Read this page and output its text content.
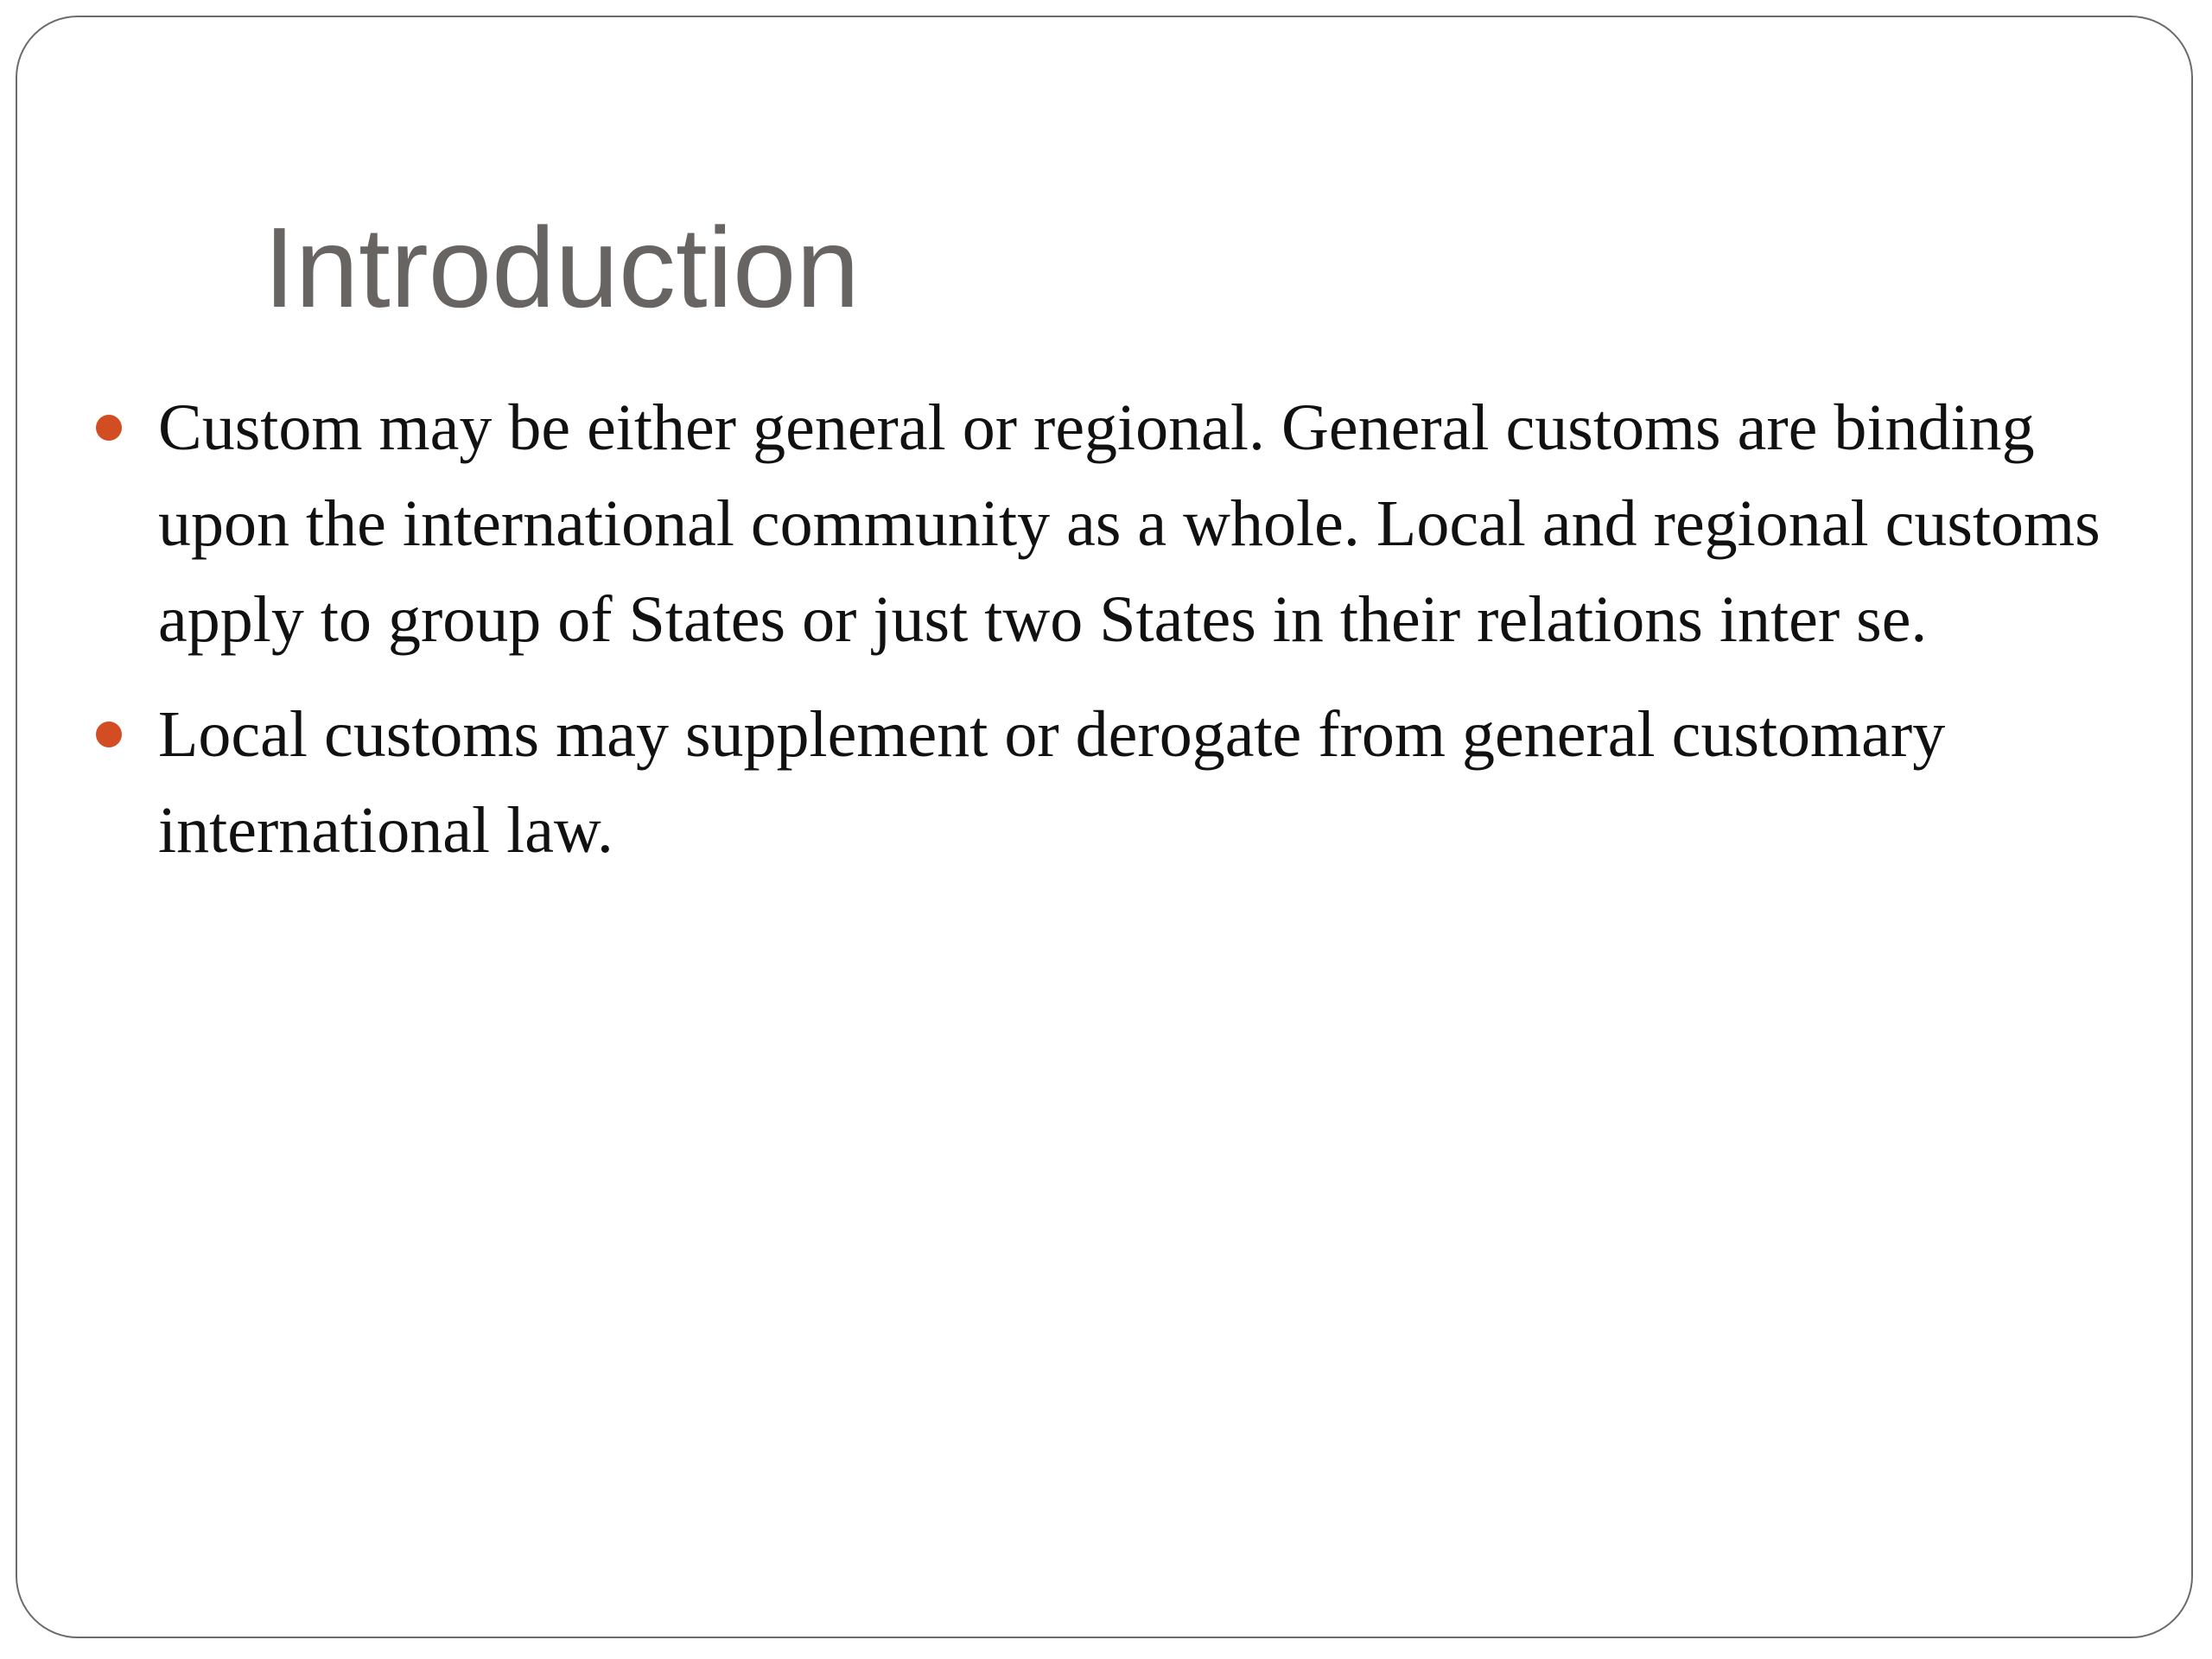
Introduction
Custom may be either general or regional. General customs are binding upon the international community as a whole. Local and regional customs apply to group of States or just two States in their relations inter se.
Local customs may supplement or derogate from general customary international law.
